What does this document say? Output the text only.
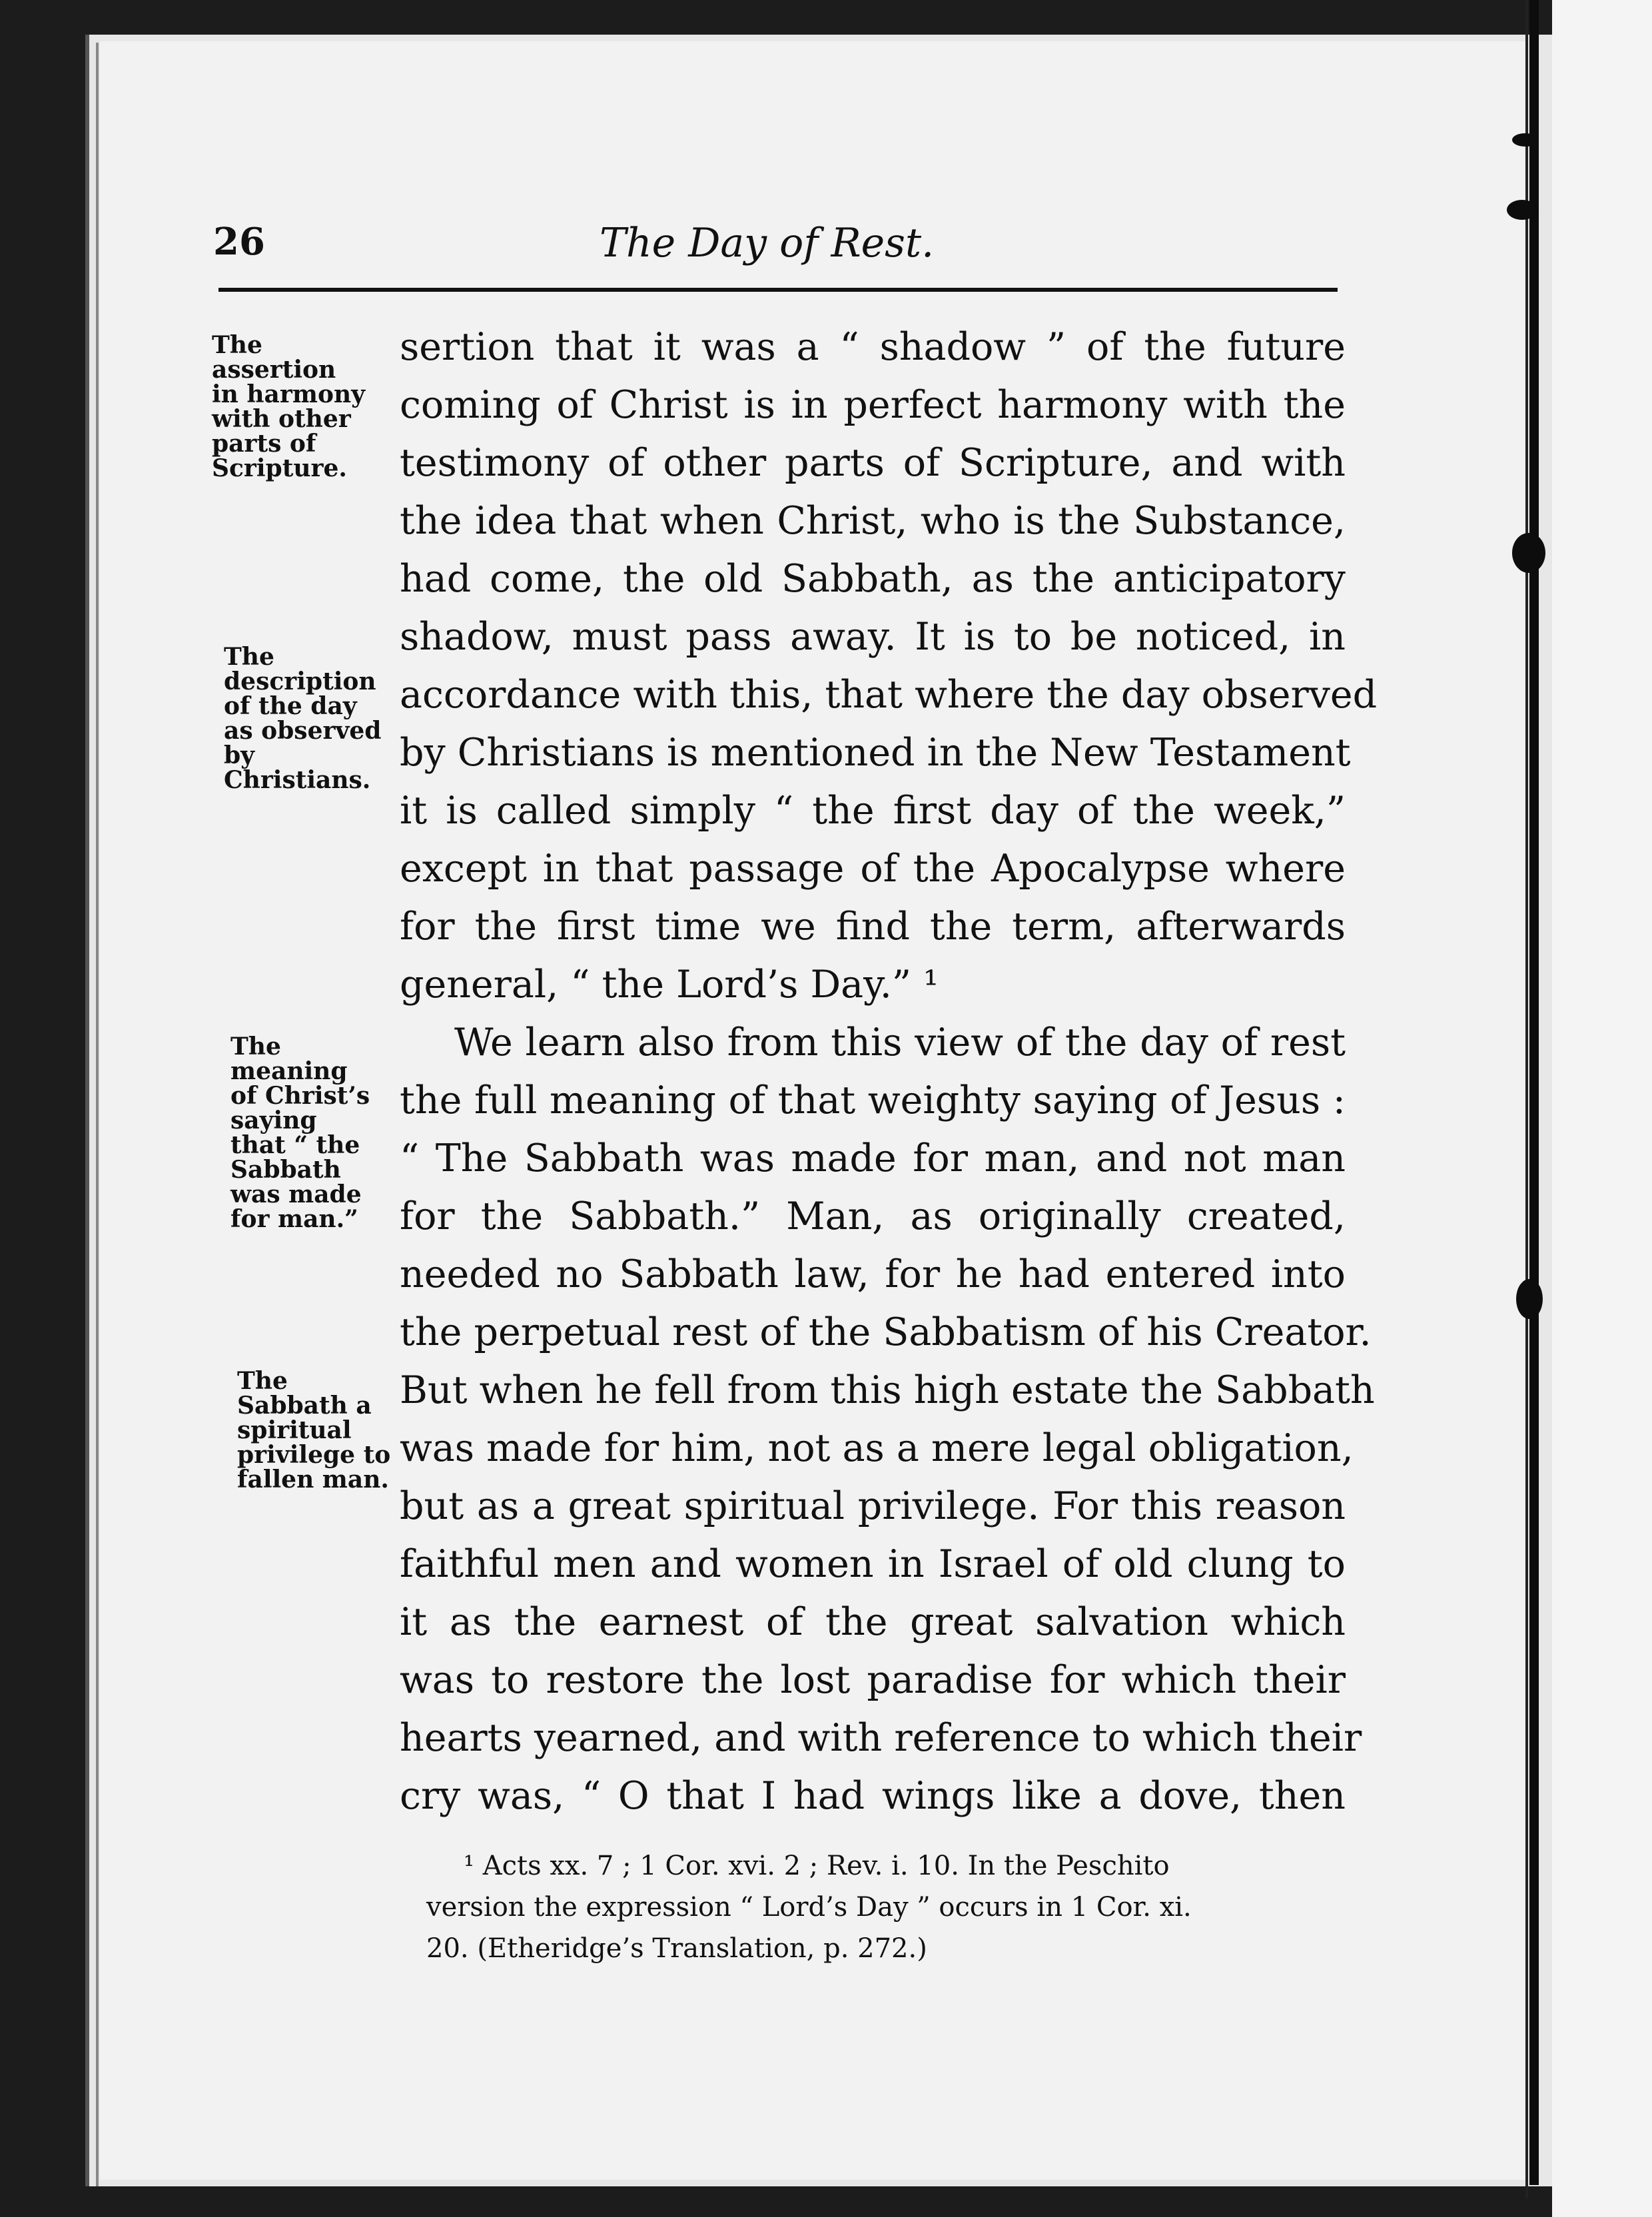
26	The Day of Rest.
The
assertion
in harmony
with other
parts of
Scripture.
The
description
of the day
as observed
by
Christians.
The
meaning
of Christ’s
saying
that “ the
Sabbath
was made
for man.”
The
Sabbath a
spiritual
privilege to
fallen man.
sertion that it was a “ shadow ” of the future
coming of Christ is in perfect harmony with the
testimony of other parts of Scripture, and with
the idea that when Christ, who is the Substance,
had come, the old Sabbath, as the anticipatory
shadow, must pass away. It is to be noticed, in
accordance with this, that where the day observed
by Christians is mentioned in the New Testament
it is called simply “ the first day of the week,”
except in that passage of the Apocalypse where
for the first time we find the term, afterwards
general, “ the Lord’s Day.” ¹
We learn also from this view of the day of rest
the full meaning of that weighty saying of Jesus :
“ The Sabbath was made for man, and not man
for the Sabbath.” Man, as originally created,
needed no Sabbath law, for he had entered into
the perpetual rest of the Sabbatism of his Creator.
But when he fell from this high estate the Sabbath
was made for him, not as a mere legal obligation,
but as a great spiritual privilege. For this reason
faithful men and women in Israel of old clung to
it as the earnest of the great salvation which
was to restore the lost paradise for which their
hearts yearned, and with reference to which their
cry was, “ O that I had wings like a dove, then
¹ Acts xx. 7 ; 1 Cor. xvi. 2 ; Rev. i. 10. In the Peschito
version the expression “ Lord’s Day ” occurs in 1 Cor. xi.
20. (Etheridge’s Translation, p. 272.)
